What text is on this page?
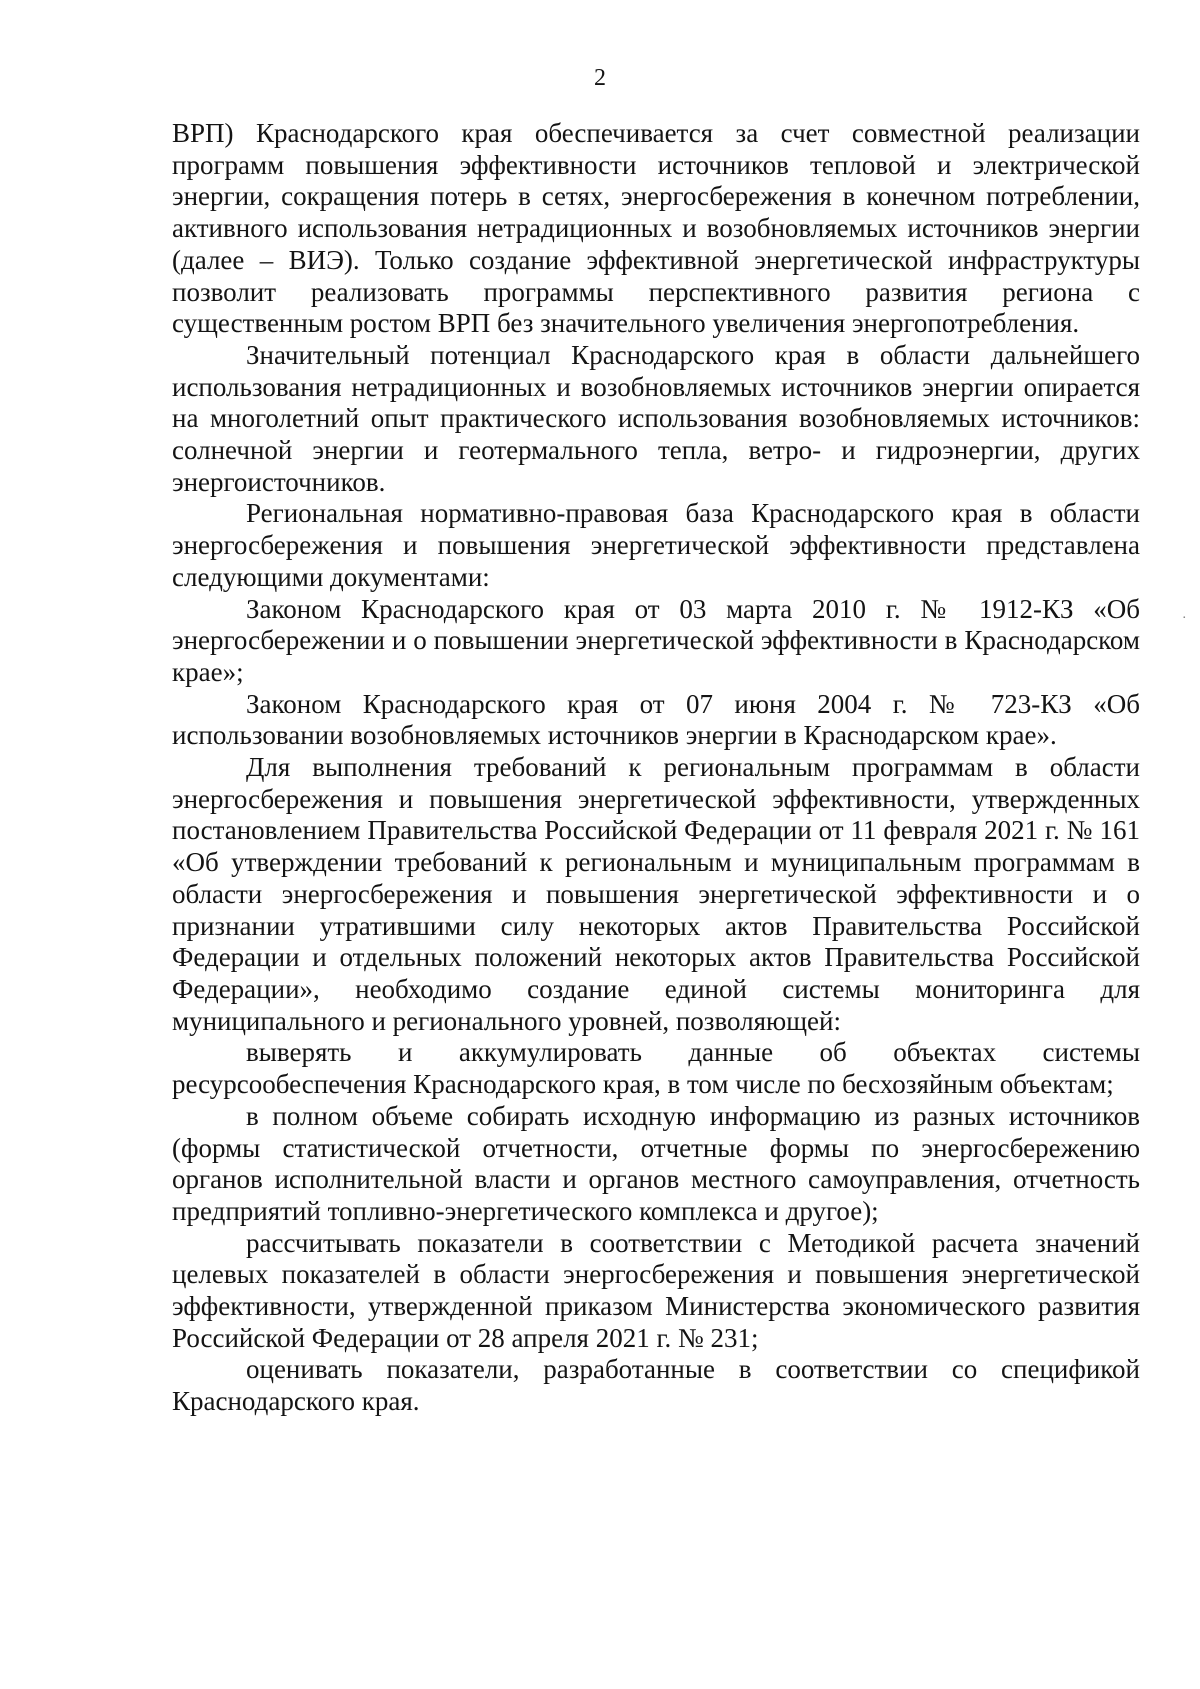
2
.

ВРП) Краснодарского края обеспечивается за счет совместной реализации программ повышения эффективности источников тепловой и электрической энергии, сокращения потерь в сетях, энергосбережения в конечном потреблении, активного использования нетрадиционных и возобновляемых источников энергии (далее – ВИЭ). Только создание эффективной энергетической инфраструктуры позволит реализовать программы перспективного развития региона с существенным ростом ВРП без значительного увеличения энергопотребления.

Значительный потенциал Краснодарского края в области дальнейшего использования нетрадиционных и возобновляемых источников энергии опирается на многолетний опыт практического использования возобновляемых источников: солнечной энергии и геотермального тепла, ветро- и гидроэнергии, других энергоисточников.

Региональная нормативно-правовая база Краснодарского края в области энергосбережения и повышения энергетической эффективности представлена следующими документами:

Законом Краснодарского края от 03 марта 2010 г. № 1912-КЗ «Об энергосбережении и о повышении энергетической эффективности в Краснодарском крае»;

Законом Краснодарского края от 07 июня 2004 г. № 723-КЗ «Об использовании возобновляемых источников энергии в Краснодарском крае».

Для выполнения требований к региональным программам в области энергосбережения и повышения энергетической эффективности, утвержденных постановлением Правительства Российской Федерации от 11 февраля 2021 г. № 161 «Об утверждении требований к региональным и муниципальным программам в области энергосбережения и повышения энергетической эффективности и о признании утратившими силу некоторых актов Правительства Российской Федерации и отдельных положений некоторых актов Правительства Российской Федерации», необходимо создание единой системы мониторинга для муниципального и регионального уровней, позволяющей:

выверять и аккумулировать данные об объектах системы ресурсообеспечения Краснодарского края, в том числе по бесхозяйным объектам;

в полном объеме собирать исходную информацию из разных источников (формы статистической отчетности, отчетные формы по энергосбережению органов исполнительной власти и органов местного самоуправления, отчетность предприятий топливно-энергетического комплекса и другое);

рассчитывать показатели в соответствии с Методикой расчета значений целевых показателей в области энергосбережения и повышения энергетической эффективности, утвержденной приказом Министерства экономического развития Российской Федерации от 28 апреля 2021 г. № 231;

оценивать показатели, разработанные в соответствии со спецификой Краснодарского края.
